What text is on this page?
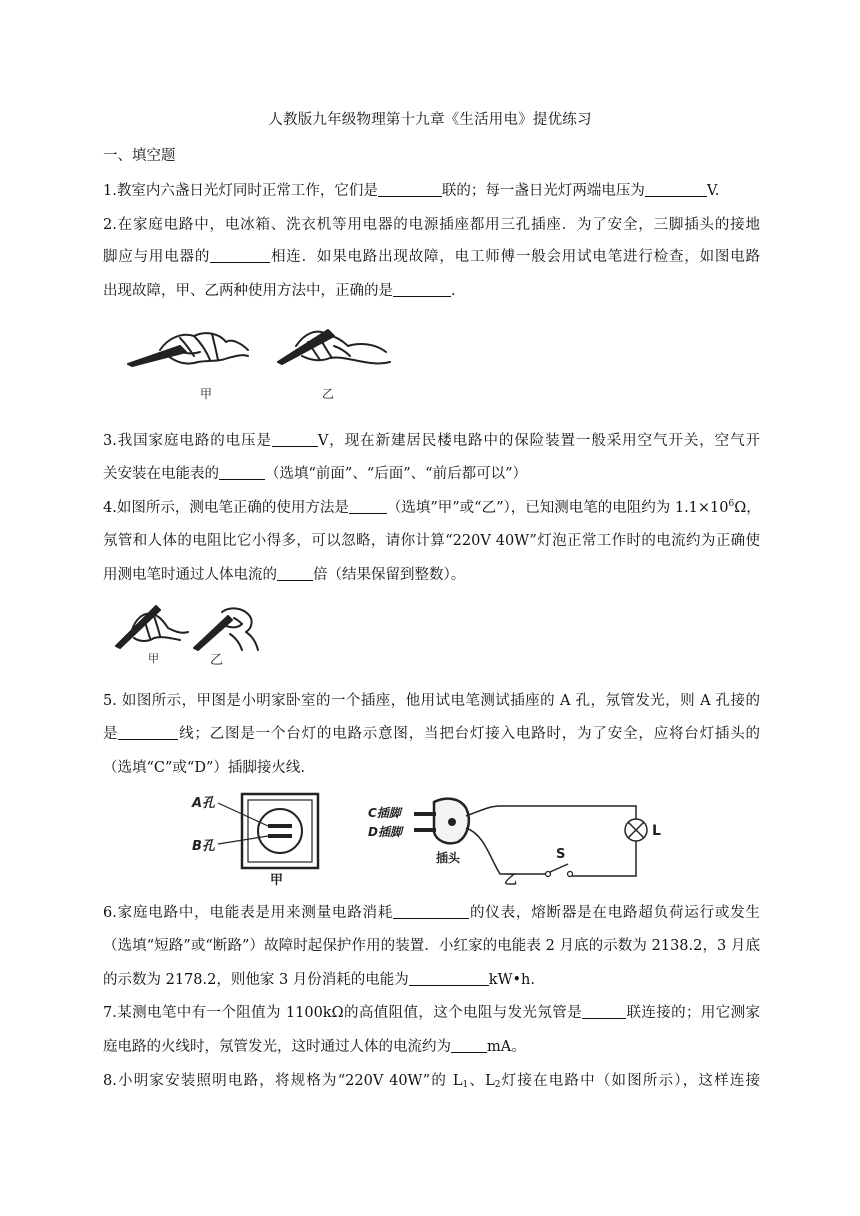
人教版九年级物理第十九章《生活用电》提优练习
一、填空题
1.教室内六盏日光灯同时正常工作，它们是	联的；每一盏日光灯两端电压为	V.
2.在家庭电路中，电冰箱、洗衣机等用电器的电源插座都用三孔插座．为了安全，三脚插头的接地
脚应与用电器的	相连．如果电路出现故障，电工师傅一般会用试电笔进行检查，如图电路
出现故障，甲、乙两种使用方法中，正确的是	.
甲	乙
3.我国家庭电路的电压是	V，现在新建居民楼电路中的保险装置一般采用空气开关，空气开
关安装在电能表的	（选填“前面”、“后面”、“前后都可以”）
4.如图所示，测电笔正确的使用方法是	（选填”甲”或“乙”），已知测电笔的电阻约为 $1.1\times 10^6\Omega$，
氖管和人体的电阻比它小得多，可以忽略，请你计算“220V 40W”灯泡正常工作时的电流约为正确使
用测电笔时通过人体电流的 倍（结果保留到整数）。
甲	乙
5. 如图所示，甲图是小明家卧室的一个插座，他用试电笔测试插座的 A 孔，氖管发光，则 A 孔接的
是	线；乙图是一个台灯的电路示意图，当把台灯接入电路时，为了安全，应将台灯插头的
（选填“C”或“D”）插脚接火线.
A孔
B孔
甲
C插脚
D插脚
S
L
插头
乙
6.家庭电路中，电能表是用来测量电路消耗	的仪表，熔断器是在电路超负荷运行或发生
（选填“短路”或“断路”）故障时起保护作用的装置．小红家的电能表 2 月底的示数为 2138.2，3 月底
的示数为 2178.2，则他家 3 月份消耗的电能为	kW•h.
7.某测电笔中有一个阻值为 1100kΩ的高值阻值，这个电阻与发光氖管是	联连接的；用它测家
庭电路的火线时，氖管发光，这时通过人体的电流约为 mA。
8.小明家安装照明电路，将规格为“220V 40W”的 $L_1$、$L_2$灯接在电路中（如图所示），这样连接
